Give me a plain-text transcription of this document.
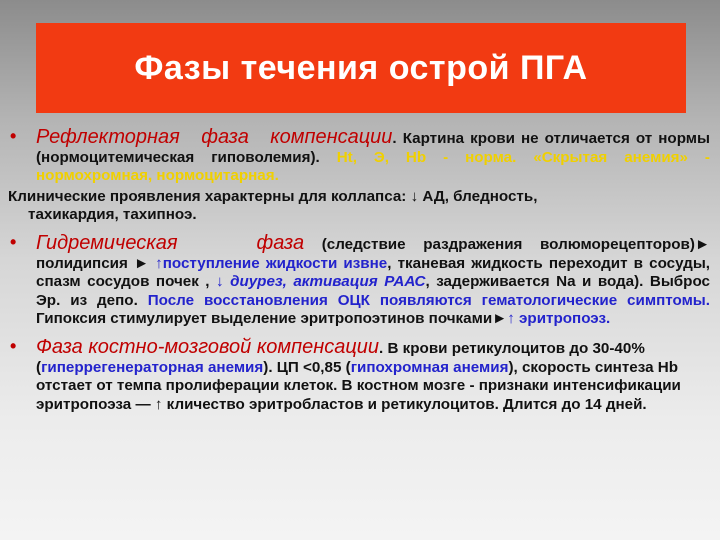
Фазы течения острой ПГА
• Рефлекторная фаза компенсации. Картина крови не отличается от нормы (нормоцитемическая гиповолемия). Ht, Э, Hb - норма. «Скрытая анемия» - нормохромная, нормоцитарная.
Клинические проявления характерны для коллапса: ↓ АД, бледность,
тахикардия, тахипноэ.
• Гидремическая фаза (следствие раздражения волюморецепторов)► полидипсия ► ↑поступление жидкости извне, тканевая жидкость переходит в сосуды, спазм сосудов почек , ↓ диурез, активация РААС, задерживается Na и вода). Выброс Эр. из депо. После восстановления ОЦК появляются гематологические симптомы. Гипоксия стимулирует выделение эритропоэтинов почками►↑ эритропоэз.
• Фаза костно-мозговой компенсации. В крови ретикулоцитов до 30-40% (гиперрегенераторная анемия). ЦП <0,85 (гипохромная анемия), скорость синтеза Hb отстает от темпа пролиферации клеток. В костном мозге - признаки интенсификации эритропоэза — ↑ кличество эритробластов и ретикулоцитов. Длится до 14 дней.
